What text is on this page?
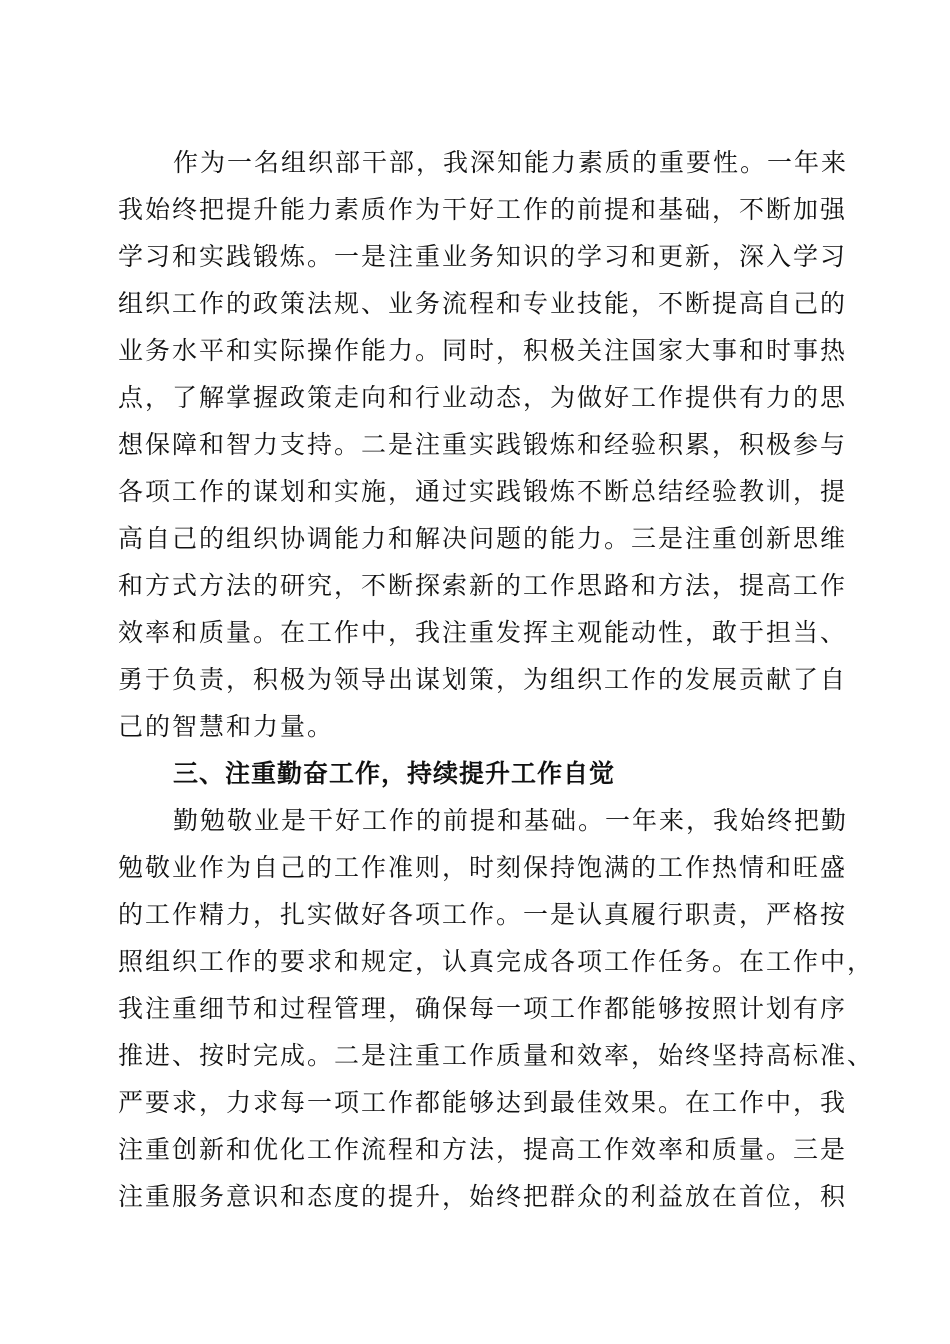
作为一名组织部干部，我深知能力素质的重要性。一年来
我始终把提升能力素质作为干好工作的前提和基础，不断加强
学习和实践锻炼。一是注重业务知识的学习和更新，深入学习
组织工作的政策法规、业务流程和专业技能，不断提高自己的
业务水平和实际操作能力。同时，积极关注国家大事和时事热
点，了解掌握政策走向和行业动态，为做好工作提供有力的思
想保障和智力支持。二是注重实践锻炼和经验积累，积极参与
各项工作的谋划和实施，通过实践锻炼不断总结经验教训，提
高自己的组织协调能力和解决问题的能力。三是注重创新思维
和方式方法的研究，不断探索新的工作思路和方法，提高工作
效率和质量。在工作中，我注重发挥主观能动性，敢于担当、
勇于负责，积极为领导出谋划策，为组织工作的发展贡献了自
己的智慧和力量。
三、注重勤奋工作，持续提升工作自觉
勤勉敬业是干好工作的前提和基础。一年来，我始终把勤
勉敬业作为自己的工作准则，时刻保持饱满的工作热情和旺盛
的工作精力，扎实做好各项工作。一是认真履行职责，严格按
照组织工作的要求和规定，认真完成各项工作任务。在工作中，
我注重细节和过程管理，确保每一项工作都能够按照计划有序
推进、按时完成。二是注重工作质量和效率，始终坚持高标准、
严要求，力求每一项工作都能够达到最佳效果。在工作中，我
注重创新和优化工作流程和方法，提高工作效率和质量。三是
注重服务意识和态度的提升，始终把群众的利益放在首位，积
